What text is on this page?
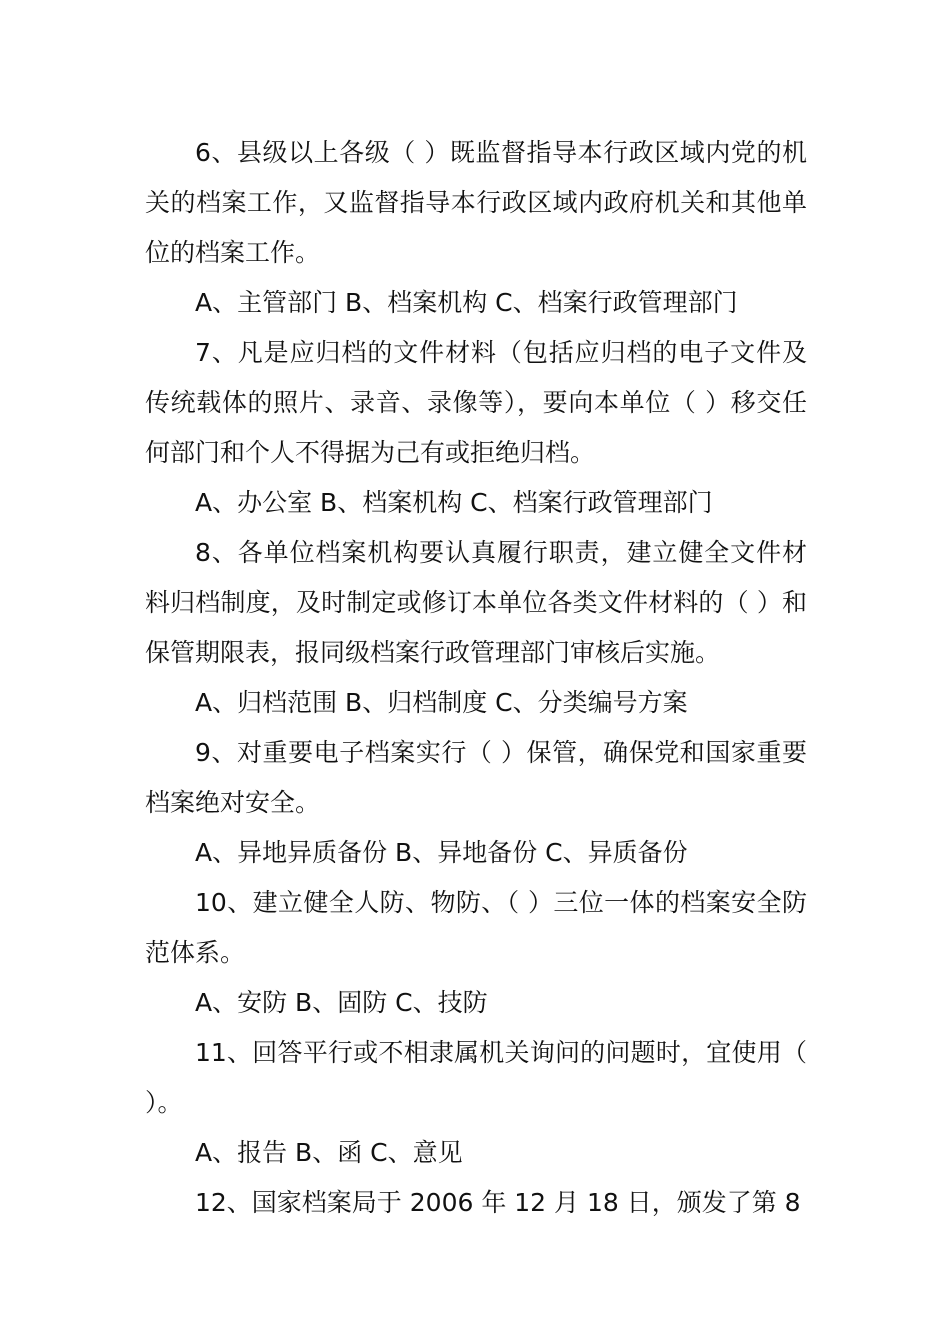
6、县级以上各级（ ）既监督指导本行政区域内党的机关的档案工作，又监督指导本行政区域内政府机关和其他单位的档案工作。

A、主管部门 B、档案机构 C、档案行政管理部门

7、凡是应归档的文件材料（包括应归档的电子文件及传统载体的照片、录音、录像等），要向本单位（ ）移交任何部门和个人不得据为己有或拒绝归档。

A、办公室 B、档案机构 C、档案行政管理部门

8、各单位档案机构要认真履行职责，建立健全文件材料归档制度，及时制定或修订本单位各类文件材料的（ ）和保管期限表，报同级档案行政管理部门审核后实施。

A、归档范围 B、归档制度 C、分类编号方案

9、对重要电子档案实行（ ）保管，确保党和国家重要档案绝对安全。

A、异地异质备份 B、异地备份 C、异质备份

10、建立健全人防、物防、（ ）三位一体的档案安全防范体系。

A、安防 B、固防 C、技防

11、回答平行或不相隶属机关询问的问题时，宜使用（ ）。

A、报告 B、函 C、意见

12、国家档案局于 2006 年 12 月 18 日，颁发了第 8
